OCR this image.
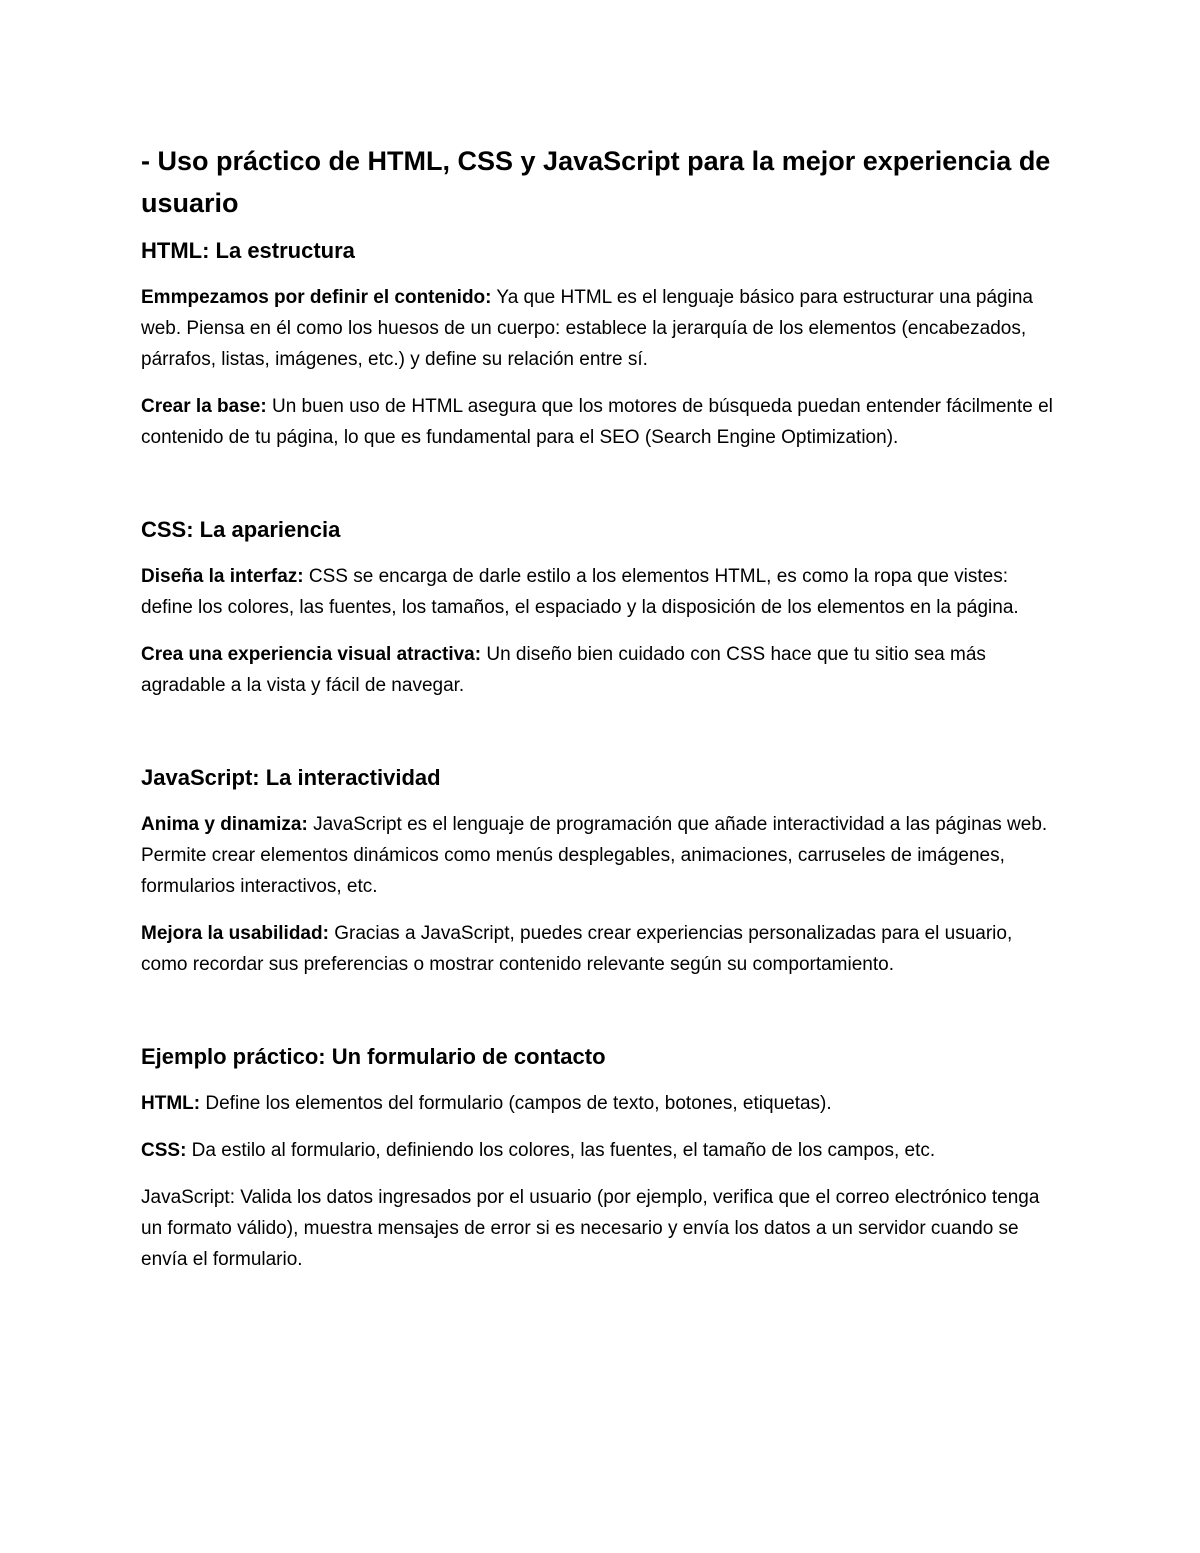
- Uso práctico de HTML, CSS y JavaScript para la mejor experiencia de usuario
HTML: La estructura

Emmpezamos por definir el contenido: Ya que HTML es el lenguaje básico para estructurar una página web. Piensa en él como los huesos de un cuerpo: establece la jerarquía de los elementos (encabezados, párrafos, listas, imágenes, etc.) y define su relación entre sí.

Crear la base: Un buen uso de HTML asegura que los motores de búsqueda puedan entender fácilmente el contenido de tu página, lo que es fundamental para el SEO (Search Engine Optimization).

CSS: La apariencia

Diseña la interfaz: CSS se encarga de darle estilo a los elementos HTML, es como la ropa que vistes: define los colores, las fuentes, los tamaños, el espaciado y la disposición de los elementos en la página.

Crea una experiencia visual atractiva: Un diseño bien cuidado con CSS hace que tu sitio sea más agradable a la vista y fácil de navegar.

JavaScript: La interactividad

Anima y dinamiza: JavaScript es el lenguaje de programación que añade interactividad a las páginas web. Permite crear elementos dinámicos como menús desplegables, animaciones, carruseles de imágenes, formularios interactivos, etc.

Mejora la usabilidad: Gracias a JavaScript, puedes crear experiencias personalizadas para el usuario, como recordar sus preferencias o mostrar contenido relevante según su comportamiento.

Ejemplo práctico: Un formulario de contacto

HTML: Define los elementos del formulario (campos de texto, botones, etiquetas).

CSS: Da estilo al formulario, definiendo los colores, las fuentes, el tamaño de los campos, etc.

JavaScript: Valida los datos ingresados por el usuario (por ejemplo, verifica que el correo electrónico tenga un formato válido), muestra mensajes de error si es necesario y envía los datos a un servidor cuando se envía el formulario.
